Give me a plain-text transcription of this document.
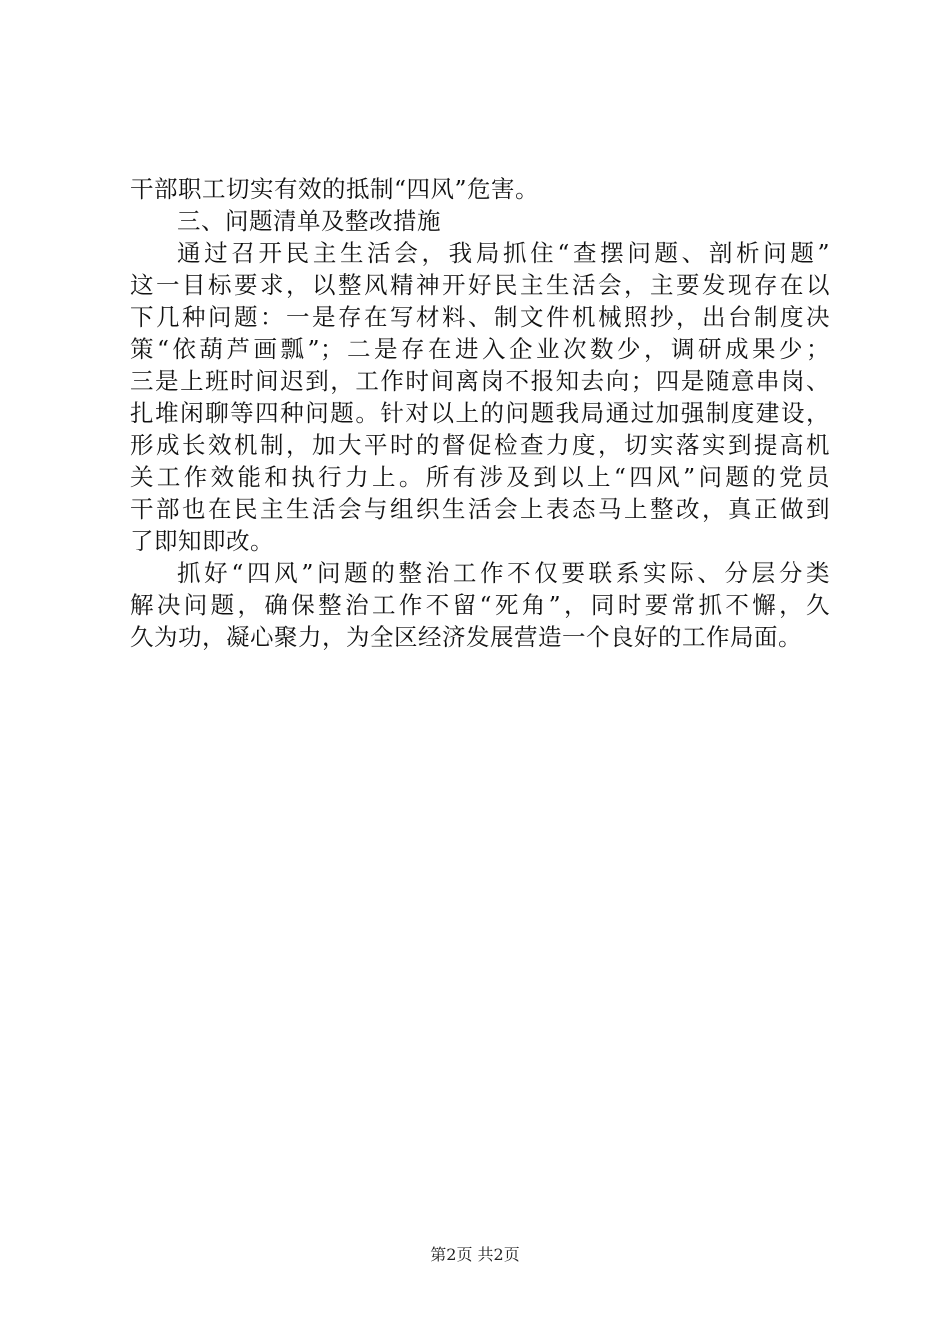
干部职工切实有效的抵制“四风”危害。
三、问题清单及整改措施
通过召开民主生活会，我局抓住“查摆问题、剖析问题”
这一目标要求，以整风精神开好民主生活会，主要发现存在以
下几种问题：一是存在写材料、制文件机械照抄，出台制度决
策“依葫芦画瓢”；二是存在进入企业次数少，调研成果少；
三是上班时间迟到，工作时间离岗不报知去向；四是随意串岗、
扎堆闲聊等四种问题。针对以上的问题我局通过加强制度建设，
形成长效机制，加大平时的督促检查力度，切实落实到提高机
关工作效能和执行力上。所有涉及到以上“四风”问题的党员
干部也在民主生活会与组织生活会上表态马上整改，真正做到
了即知即改。
抓好“四风”问题的整治工作不仅要联系实际、分层分类
解决问题，确保整治工作不留“死角”，同时要常抓不懈，久
久为功，凝心聚力，为全区经济发展营造一个良好的工作局面。
第2页 共2页
